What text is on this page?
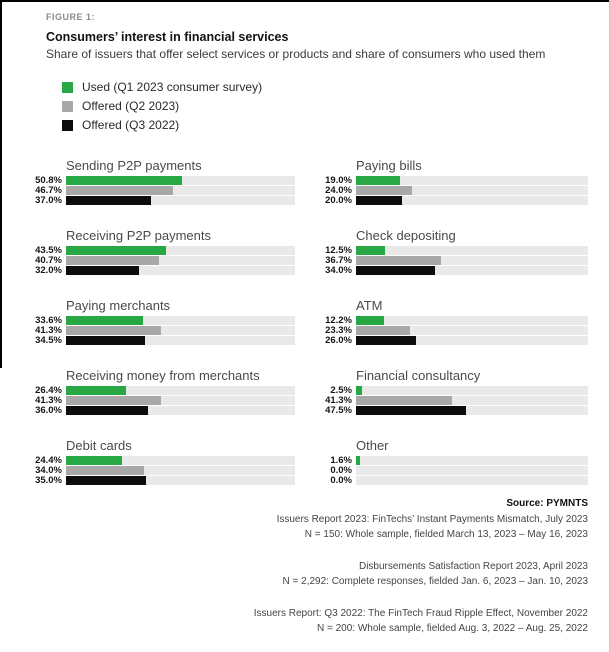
FIGURE 1:
Consumers’ interest in financial services
Share of issuers that offer select services or products and share of consumers who used them
Used (Q1 2023 consumer survey)
Offered (Q2 2023)
Offered (Q3 2022)
Sending P2P payments
50.8%
46.7%
37.0%
Paying bills
19.0%
24.0%
20.0%
Receiving P2P payments
43.5%
40.7%
32.0%
Check depositing
12.5%
36.7%
34.0%
Paying merchants
33.6%
41.3%
34.5%
ATM
12.2%
23.3%
26.0%
Receiving money from merchants
26.4%
41.3%
36.0%
Financial consultancy
2.5%
41.3%
47.5%
Debit cards
24.4%
34.0%
35.0%
Other
1.6%
0.0%
0.0%
Source: PYMNTS
Issuers Report 2023: FinTechs’ Instant Payments Mismatch, July 2023
N = 150: Whole sample, fielded March 13, 2023 – May 16, 2023
Disbursements Satisfaction Report 2023, April 2023
N = 2,292: Complete responses, fielded Jan. 6, 2023 – Jan. 10, 2023
Issuers Report: Q3 2022: The FinTech Fraud Ripple Effect, November 2022
N = 200: Whole sample, fielded Aug. 3, 2022 – Aug. 25, 2022
